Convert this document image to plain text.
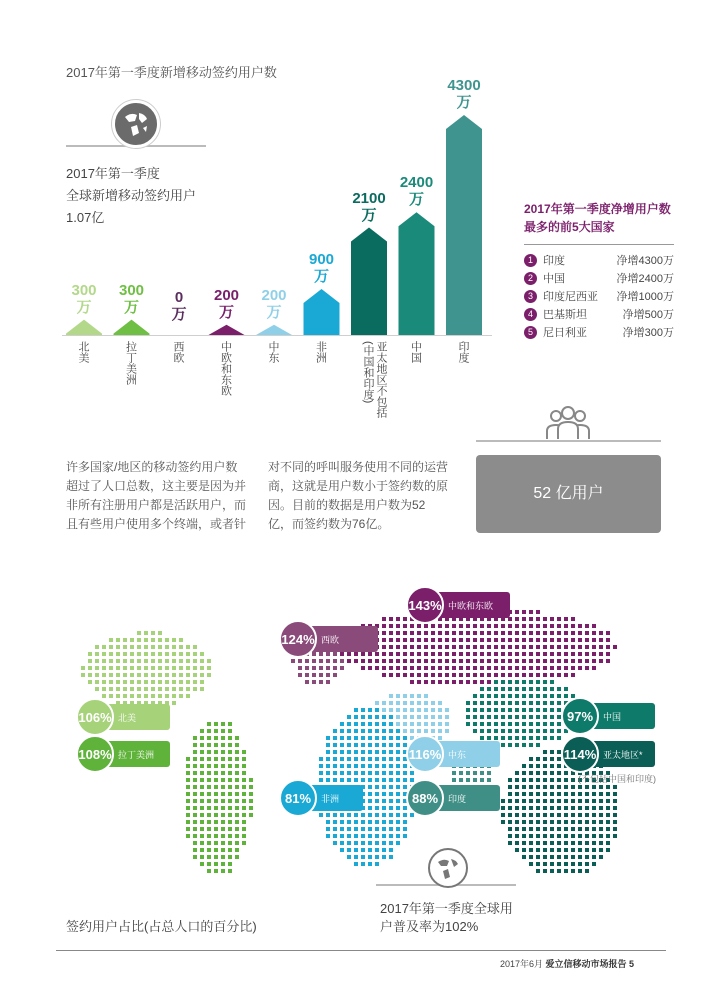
2017年第一季度新增移动签约用户数
2017年第一季度
全球新增移动签约用户
1.07亿
300
万
北美
300
万
拉丁美洲
0
万
西欧
200
万
中欧和东欧
200
万
中东
900
万
非洲
2100
万
亚太地区不包括
(中国和印度)
2400
万
中国
4300
万
印度
2017年第一季度净增用户数最多的前5大国家
1 印度	净增4300万
2 中国	净增2400万
3 印度尼西亚	净增1000万
4 巴基斯坦	净增500万
5 尼日利亚	净增300万
许多国家/地区的移动签约用户数超过了人口总数，这主要是因为并非所有注册用户都是活跃用户，而且有些用户使用多个终端，或者针
对不同的呼叫服务使用不同的运营商，这就是用户数小于签约数的原因。目前的数据是用户数为52亿，而签约数为76亿。
52 亿用户
143% 中欧和东欧
124% 西欧
106% 北美
108% 拉丁美洲
97%	中国
114% 亚太地区*
116% 中东
81%	非洲	88%	印度
(不包括中国和印度)
签约用户占比(占总人口的百分比)
2017年第一季度全球用
户普及率为102%
2017年6月 爱立信移动市场报告 5
